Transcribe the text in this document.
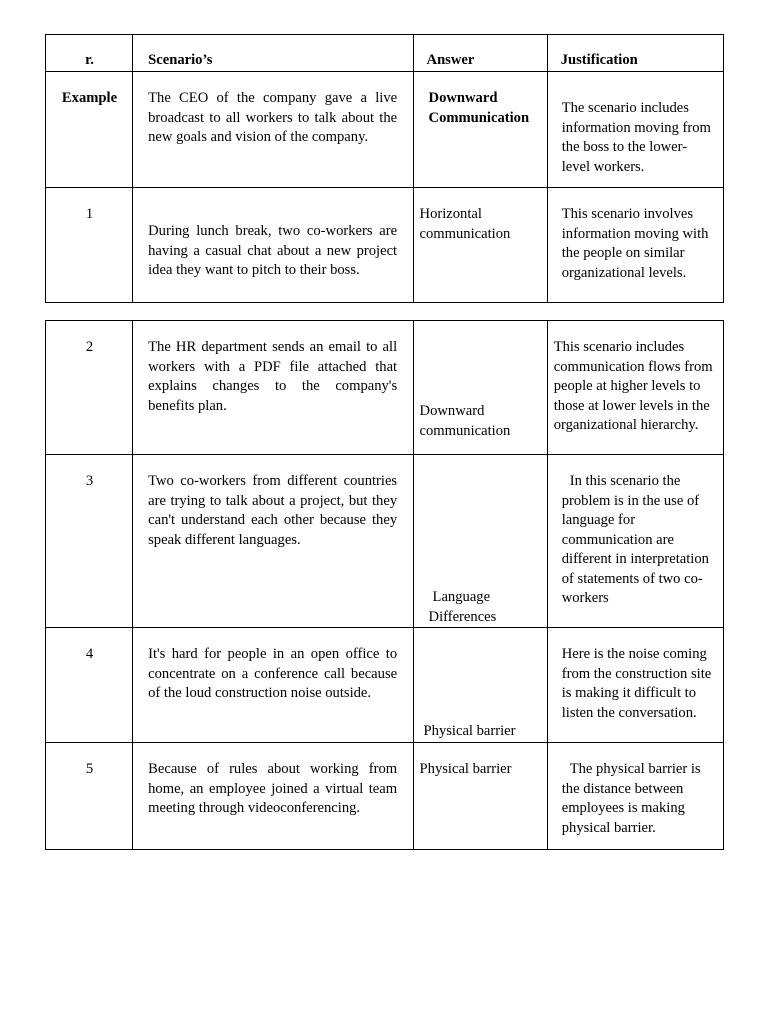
r.	Scenario’s	Answer	Justification

Example	The CEO of the company gave a live broadcast to all workers to talk about the new goals and vision of the company.	Downward Communication	The scenario includes information moving from the boss to the lower-level workers.

1	During lunch break, two co-workers are having a casual chat about a new project idea they want to pitch to their boss.	Horizontal communication	This scenario involves information moving with the people on similar organizational levels.
2	The HR department sends an email to all workers with a PDF file attached that explains changes to the company's benefits plan.	Downward communication	This scenario includes communication flows from people at higher levels to those at lower levels in the organizational hierarchy.

3	Two co-workers from different countries are trying to talk about a project, but they can't understand each other because they speak different languages.	Language Differences	In this scenario the problem is in the use of language for communication are different in interpretation of statements of two co-workers

4	It's hard for people in an open office to concentrate on a conference call because of the loud construction noise outside.	Physical barrier	Here is the noise coming from the construction site is making it difficult to listen the conversation.

5	Because of rules about working from home, an employee joined a virtual team meeting through videoconferencing.	Physical barrier	The physical barrier is the distance between employees is making physical barrier.
